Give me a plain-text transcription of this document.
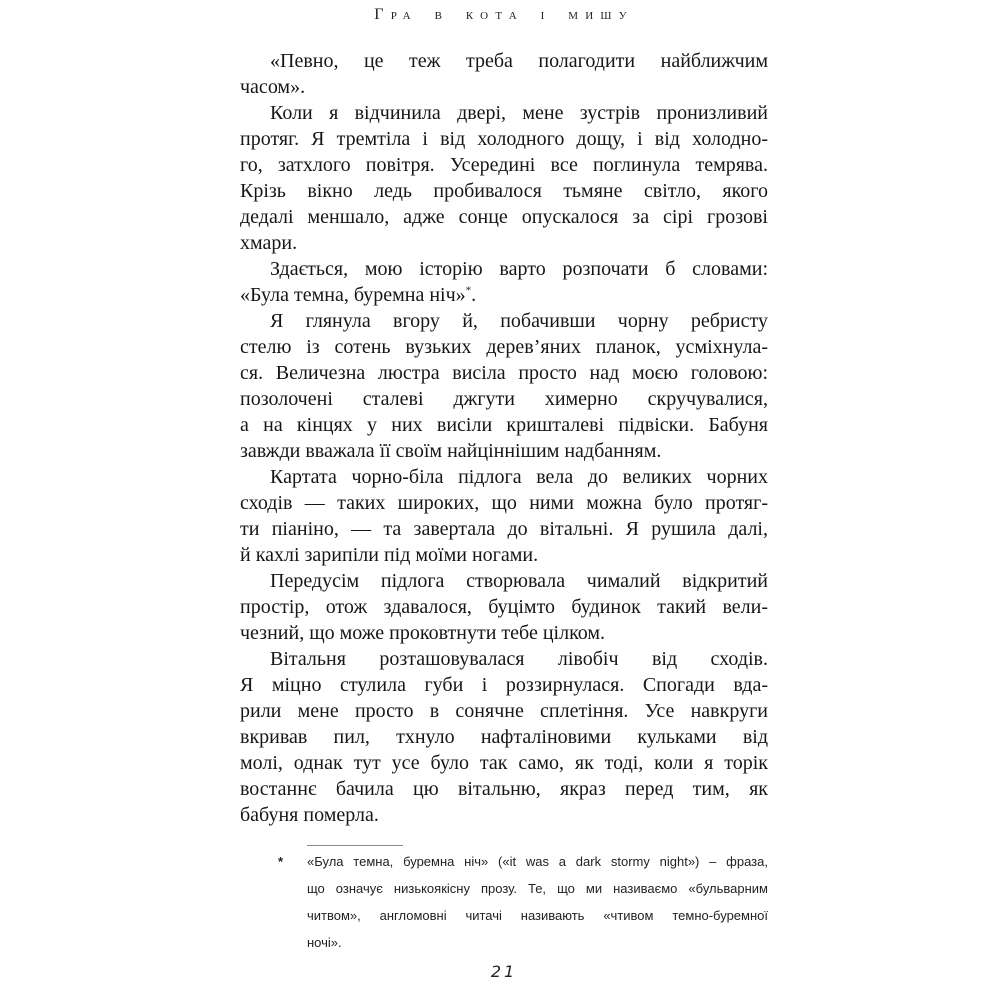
Гра в кота і мишу
«Певно, це теж треба полагодити найближчим
часом».
Коли я відчинила двері, мене зустрів пронизливий
протяг. Я тремтіла і від холодного дощу, і від холодно-
го, затхлого повітря. Усередині все поглинула темрява.
Крізь вікно ледь пробивалося тьмяне світло, якого
дедалі меншало, адже сонце опускалося за сірі грозові
хмари.
Здається, мою історію варто розпочати б словами:
«Була темна, буремна ніч»*.
Я глянула вгору й, побачивши чорну ребристу
стелю із сотень вузьких дерев’яних планок, усміхнула-
ся. Величезна люстра висіла просто над моєю головою:
позолочені сталеві джгути химерно скручувалися,
а на кінцях у них висіли кришталеві підвіски. Бабуня
завжди вважала її своїм найціннішим надбанням.
Картата чорно-біла підлога вела до великих чорних
сходів — таких широких, що ними можна було протяг-
ти піаніно, — та завертала до вітальні. Я рушила далі,
й кахлі зарипіли під моїми ногами.
Передусім підлога створювала чималий відкритий
простір, отож здавалося, буцімто будинок такий вели-
чезний, що може проковтнути тебе цілком.
Вітальня розташовувалася лівобіч від сходів.
Я міцно стулила губи і роззирнулася. Спогади вда-
рили мене просто в сонячне сплетіння. Усе навкруги
вкривав пил, тхнуло нафталіновими кульками від
молі, однак тут усе було так само, як тоді, коли я торік
востаннє бачила цю вітальню, якраз перед тим, як
бабуня померла.
*	«Була темна, буремна ніч» («it was a dark stormy night») – фраза,
що означує низькоякісну прозу. Те, що ми називаємо «бульварним
читвом», англомовні читачі називають «чтивом темно-буремної
ночі».
21
